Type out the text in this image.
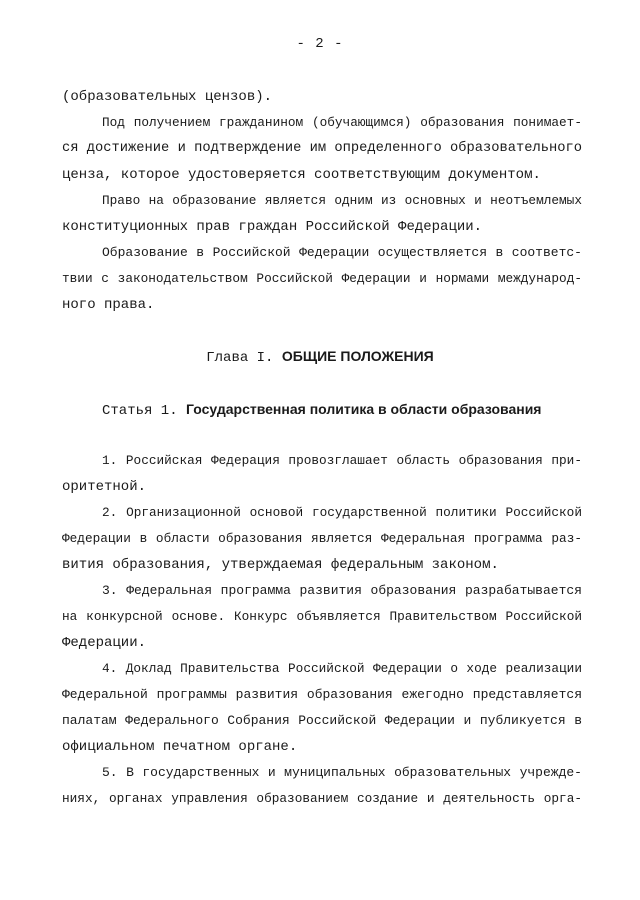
- 2 -
(образовательных цензов).
Под получением гражданином (обучающимся) образования понимает-
ся достижение и подтверждение им определенного образовательного
ценза, которое удостоверяется соответствующим документом.
Право на образование является одним из основных и неотъемлемых
конституционных прав граждан Российской Федерации.
Образование в Российской Федерации осуществляется в соответс-
твии с законодательством Российской Федерации и нормами международ-
ного права.
Глава I. ОБЩИЕ ПОЛОЖЕНИЯ
Статья 1. Государственная политика в области образования
1. Российская Федерация провозглашает область образования при-
оритетной.
2. Организационной основой государственной политики Российской
Федерации в области образования является Федеральная программа раз-
вития образования, утверждаемая федеральным законом.
3. Федеральная программа развития образования разрабатывается
на конкурсной основе. Конкурс объявляется Правительством Российской
Федерации.
4. Доклад Правительства Российской Федерации о ходе реализации
Федеральной программы развития образования ежегодно представляется
палатам Федерального Собрания Российской Федерации и публикуется в
официальном печатном органе.
5. В государственных и муниципальных образовательных учрежде-
ниях, органах управления образованием создание и деятельность орга-
